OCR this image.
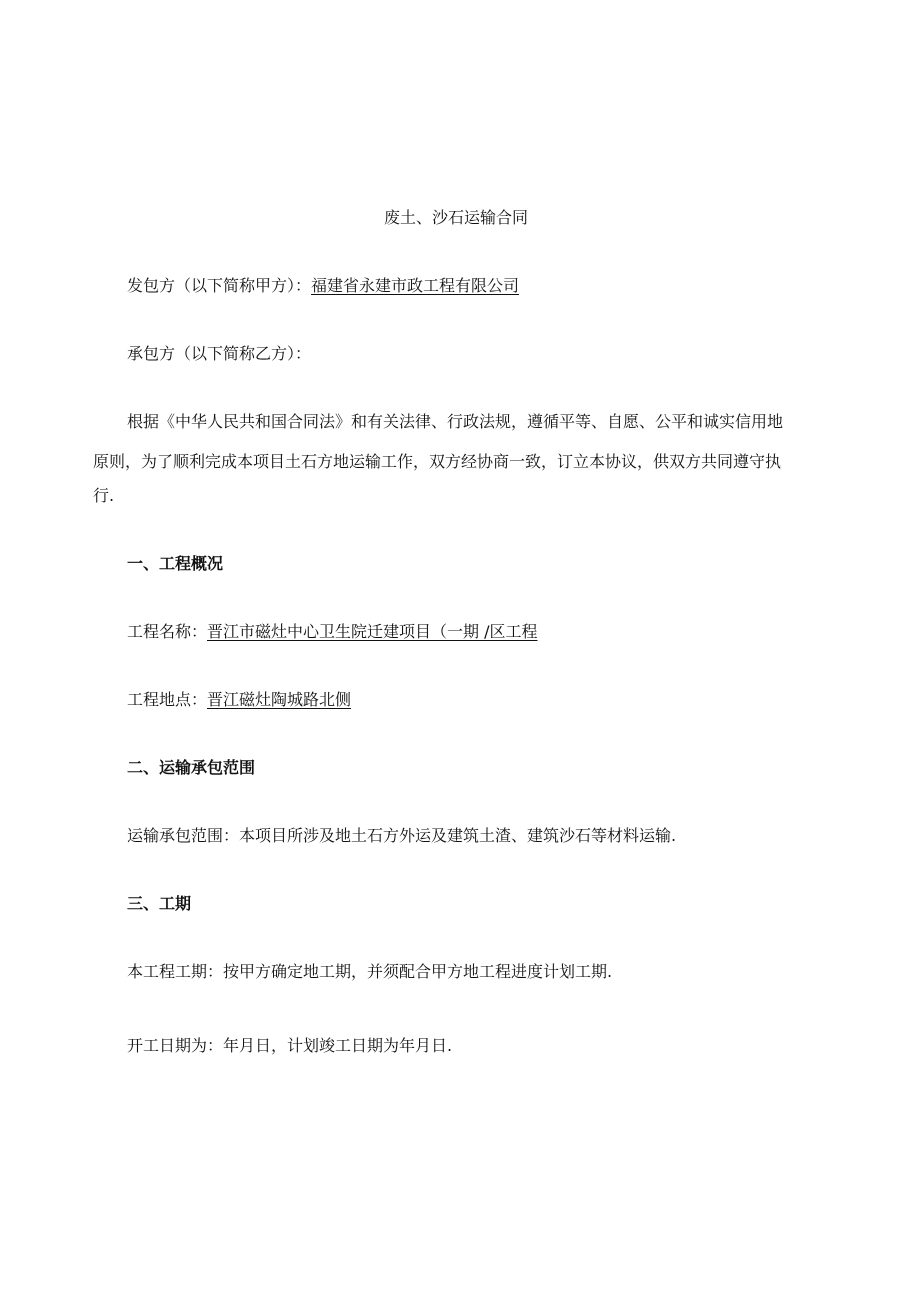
废土、沙石运输合同
发包方（以下简称甲方）：福建省永建市政工程有限公司
承包方（以下简称乙方）：
根据《中华人民共和国合同法》和有关法律、行政法规，遵循平等、自愿、公平和诚实信用地
原则，为了顺利完成本项目土石方地运输工作，双方经协商一致，订立本协议，供双方共同遵守执
行.
一、工程概况
工程名称：晋江市磁灶中心卫生院迁建项目（一期 /区工程
工程地点：晋江磁灶陶城路北侧
二、运输承包范围
运输承包范围：本项目所涉及地土石方外运及建筑土渣、建筑沙石等材料运输.
三、工期
本工程工期：按甲方确定地工期，并须配合甲方地工程进度计划工期.
开工日期为：年月日，计划竣工日期为年月日.
